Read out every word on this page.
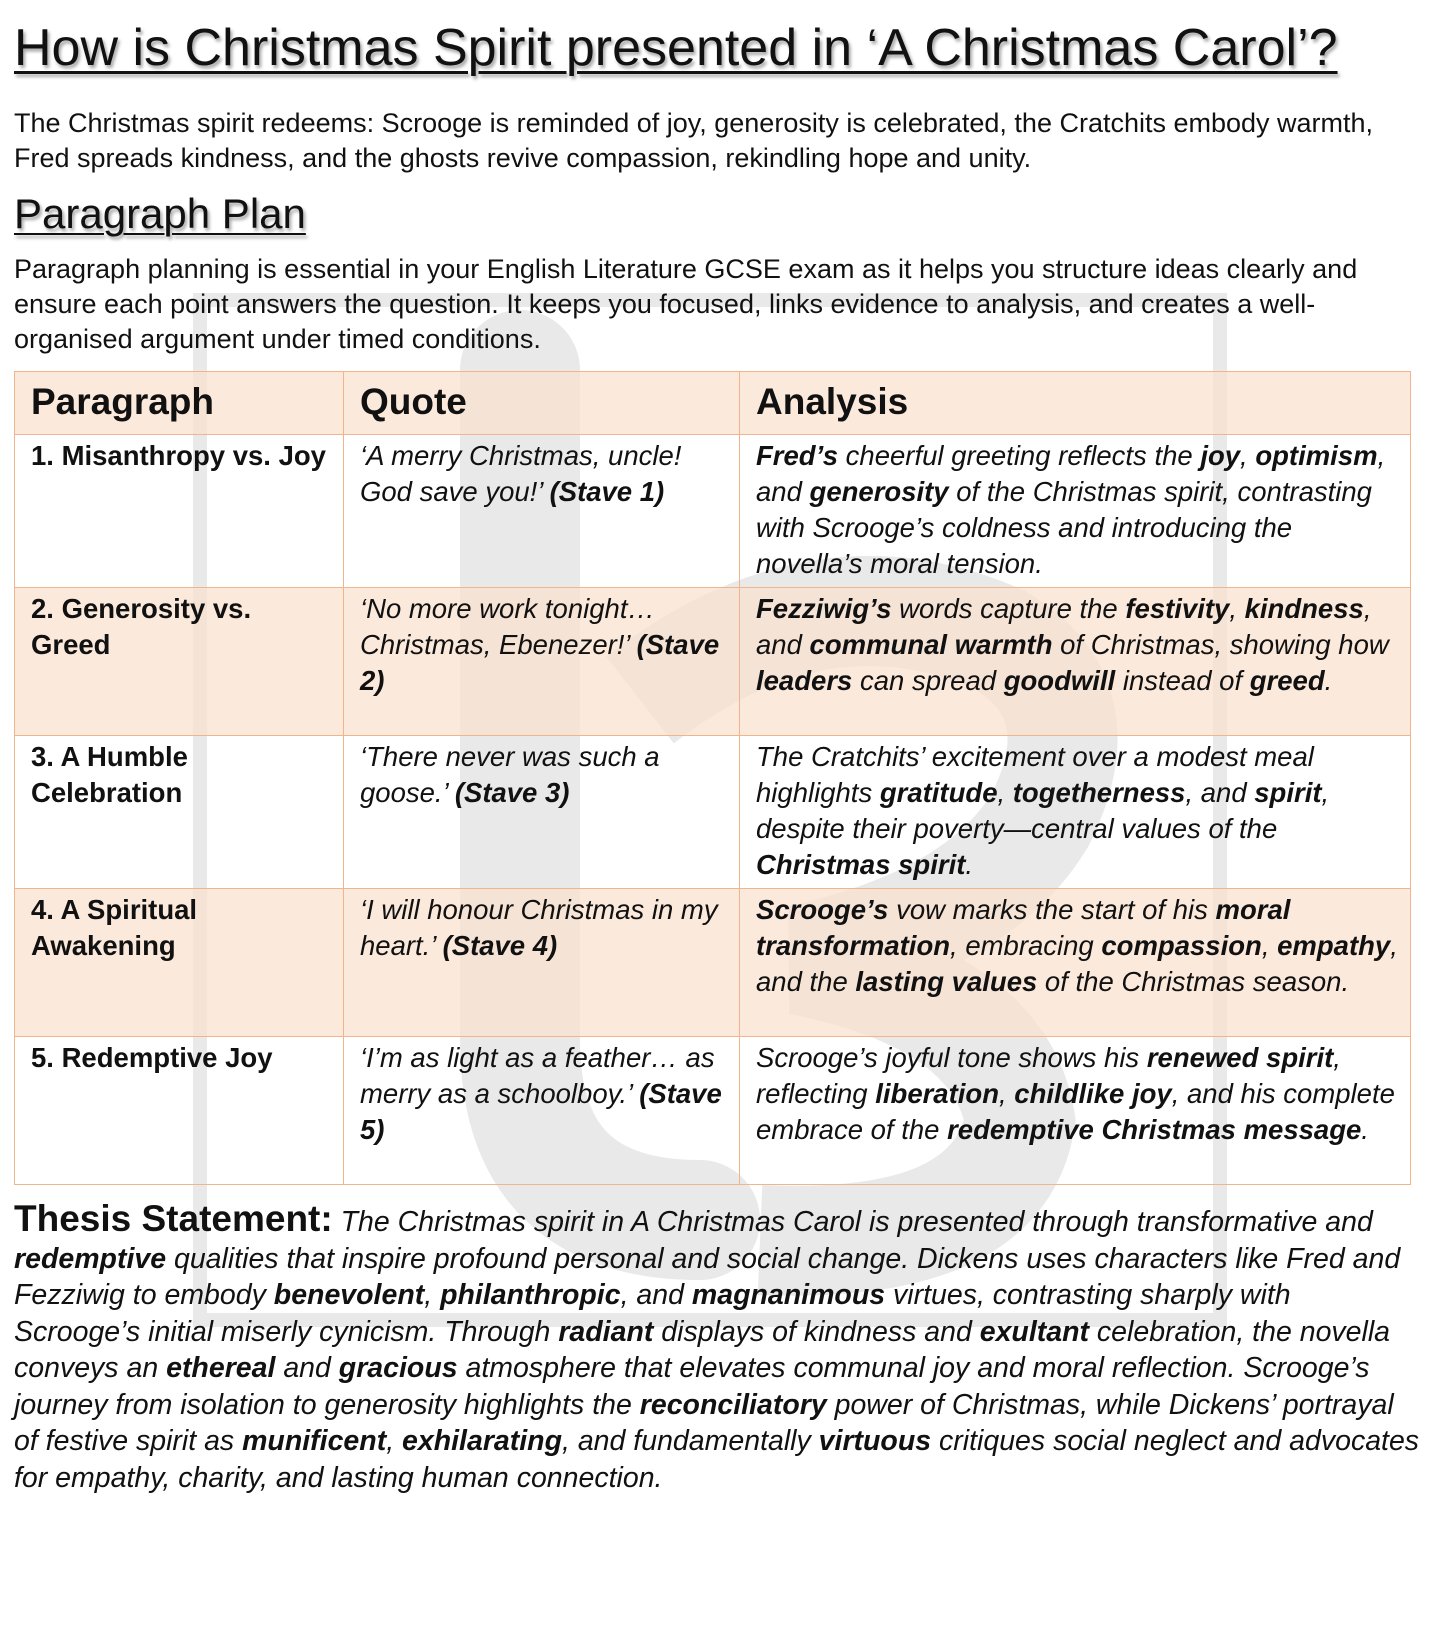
How is Christmas Spirit presented in ‘A Christmas Carol’?

The Christmas spirit redeems: Scrooge is reminded of joy, generosity is celebrated, the Cratchits embody warmth, Fred spreads kindness, and the ghosts revive compassion, rekindling hope and unity.

Paragraph Plan

Paragraph planning is essential in your English Literature GCSE exam as it helps you structure ideas clearly and ensure each point answers the question. It keeps you focused, links evidence to analysis, and creates a well-organised argument under timed conditions.

Paragraph	Quote	Analysis
1. Misanthropy vs. Joy	‘A merry Christmas, uncle! God save you!’ (Stave 1)	Fred’s cheerful greeting reflects the joy, optimism, and generosity of the Christmas spirit, contrasting with Scrooge’s coldness and introducing the novella’s moral tension.
2. Generosity vs. Greed	‘No more work tonight… Christmas, Ebenezer!’ (Stave 2)	Fezziwig’s words capture the festivity, kindness, and communal warmth of Christmas, showing how leaders can spread goodwill instead of greed.
3. A Humble Celebration	‘There never was such a goose.’ (Stave 3)	The Cratchits’ excitement over a modest meal highlights gratitude, togetherness, and spirit, despite their poverty—central values of the Christmas spirit.
4. A Spiritual Awakening	‘I will honour Christmas in my heart.’ (Stave 4)	Scrooge’s vow marks the start of his moral transformation, embracing compassion, empathy, and the lasting values of the Christmas season.
5. Redemptive Joy	‘I’m as light as a feather… as merry as a schoolboy.’ (Stave 5)	Scrooge’s joyful tone shows his renewed spirit, reflecting liberation, childlike joy, and his complete embrace of the redemptive Christmas message.

Thesis Statement: The Christmas spirit in A Christmas Carol is presented through transformative and redemptive qualities that inspire profound personal and social change. Dickens uses characters like Fred and Fezziwig to embody benevolent, philanthropic, and magnanimous virtues, contrasting sharply with Scrooge’s initial miserly cynicism. Through radiant displays of kindness and exultant celebration, the novella conveys an ethereal and gracious atmosphere that elevates communal joy and moral reflection. Scrooge’s journey from isolation to generosity highlights the reconciliatory power of Christmas, while Dickens’ portrayal of festive spirit as munificent, exhilarating, and fundamentally virtuous critiques social neglect and advocates for empathy, charity, and lasting human connection.
